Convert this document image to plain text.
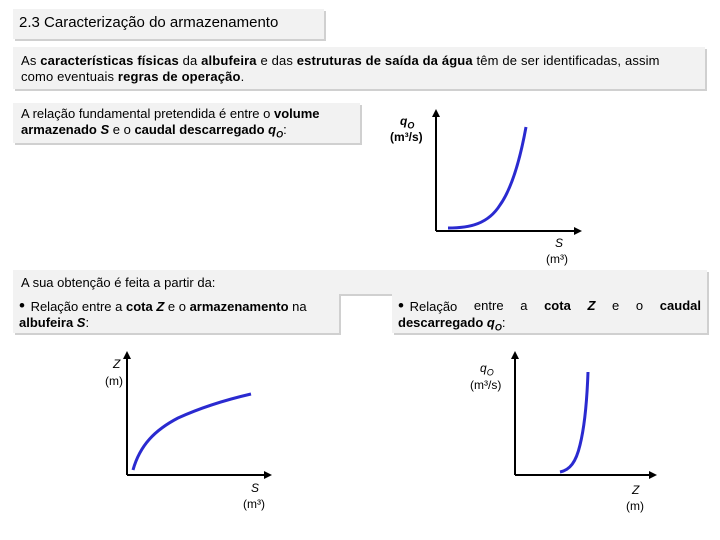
2.3 Caracterização do armazenamento
As características físicas da albufeira e das estruturas de saída da água têm de ser identificadas, assim
como eventuais regras de operação.
A relação fundamental pretendida é entre o volume
armazenado S e o caudal descarregado $q_O$:
A sua obtenção é feita a partir da:
• Relação entre a cota Z e o armazenamento na
albufeira S:
• Relação entre a cota Z e o caudal
descarregado $q_O$:
$q_O$
(m³/s)
S
(m³)
Z
(m)
S
(m³)
$q_O$
(m³/s)
Z
(m)
